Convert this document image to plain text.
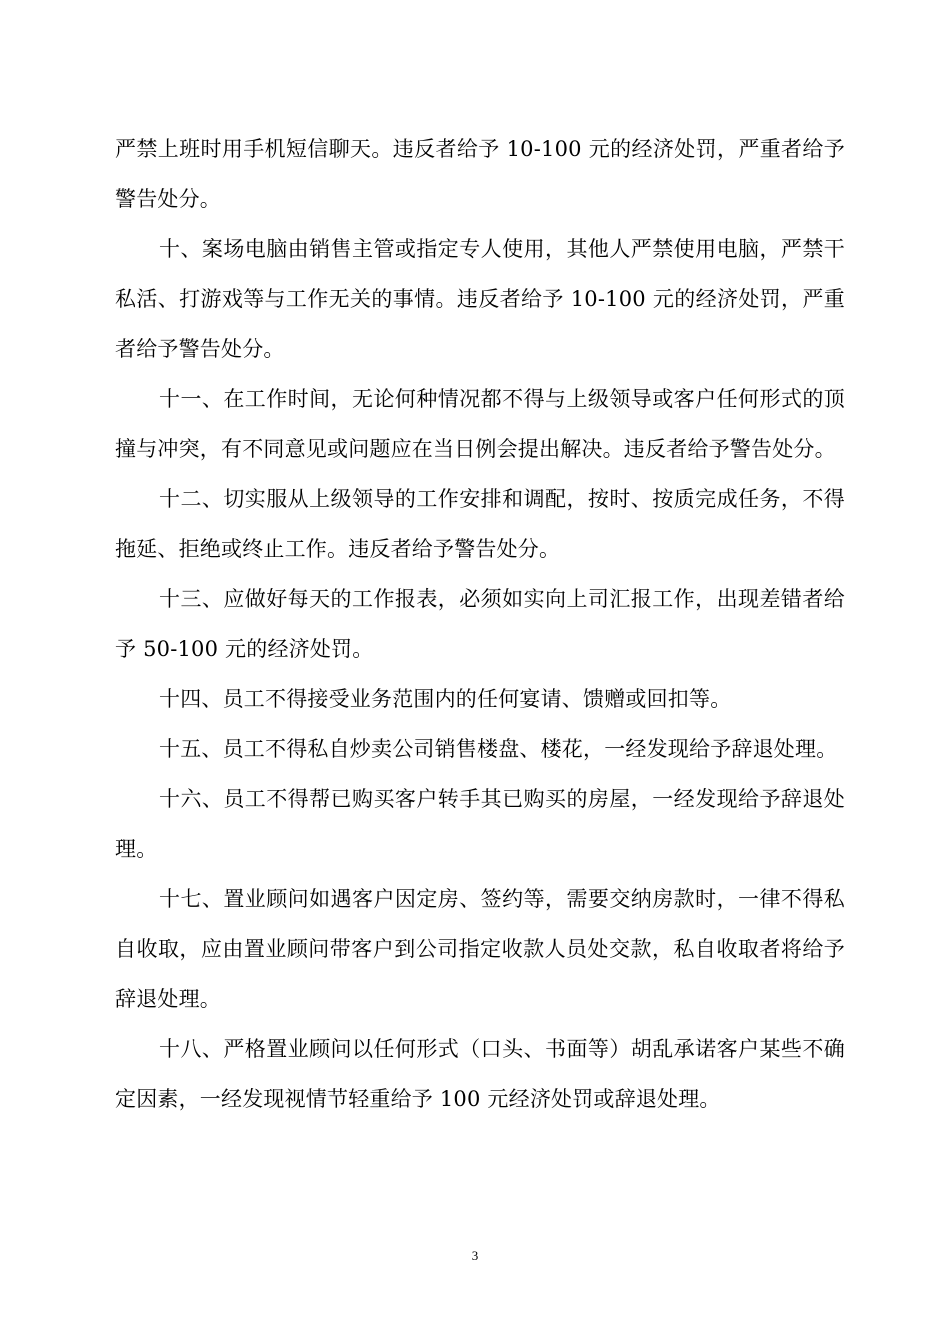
严禁上班时用手机短信聊天。违反者给予 10-100 元的经济处罚，严重者给予警告处分。

十、案场电脑由销售主管或指定专人使用，其他人严禁使用电脑，严禁干私活、打游戏等与工作无关的事情。违反者给予 10-100 元的经济处罚，严重者给予警告处分。

十一、在工作时间，无论何种情况都不得与上级领导或客户任何形式的顶撞与冲突，有不同意见或问题应在当日例会提出解决。违反者给予警告处分。

十二、切实服从上级领导的工作安排和调配，按时、按质完成任务，不得拖延、拒绝或终止工作。违反者给予警告处分。

十三、应做好每天的工作报表，必须如实向上司汇报工作，出现差错者给予 50-100 元的经济处罚。

十四、员工不得接受业务范围内的任何宴请、馈赠或回扣等。

十五、员工不得私自炒卖公司销售楼盘、楼花，一经发现给予辞退处理。

十六、员工不得帮已购买客户转手其已购买的房屋，一经发现给予辞退处理。

十七、置业顾问如遇客户因定房、签约等，需要交纳房款时，一律不得私自收取，应由置业顾问带客户到公司指定收款人员处交款，私自收取者将给予辞退处理。

十八、严格置业顾问以任何形式（口头、书面等）胡乱承诺客户某些不确定因素，一经发现视情节轻重给予 100 元经济处罚或辞退处理。

3
